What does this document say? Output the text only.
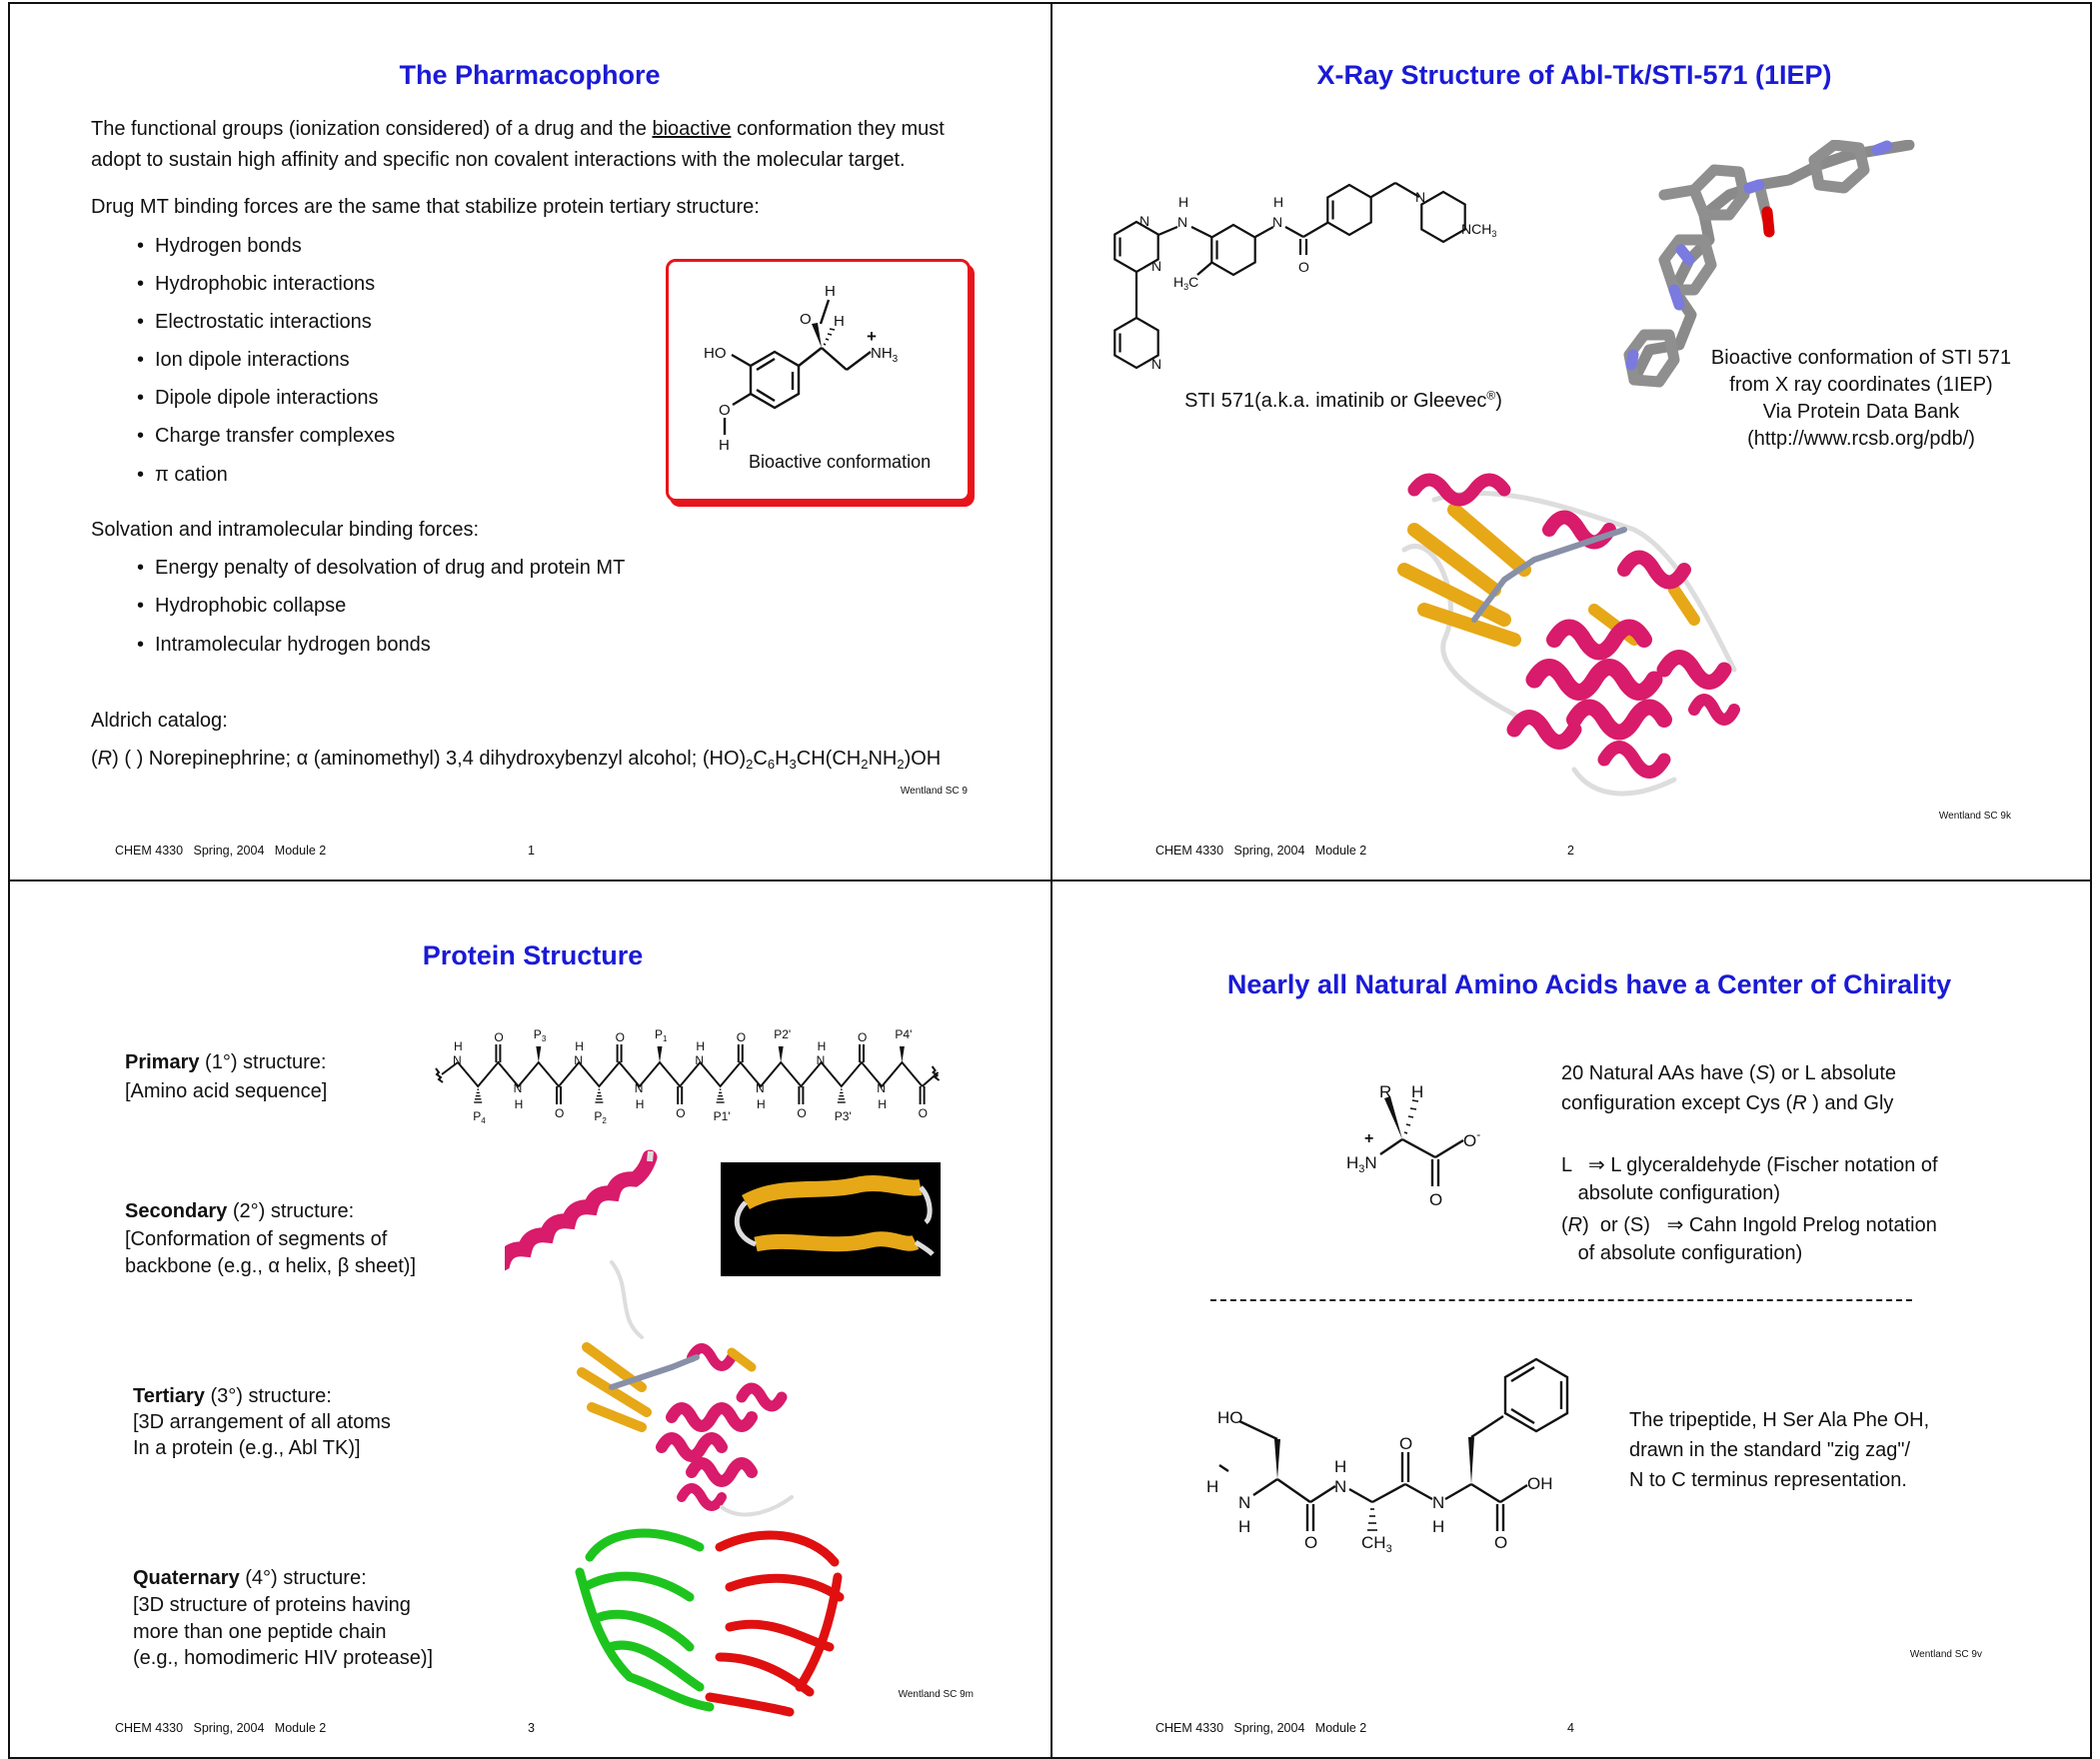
The Pharmacophore
The functional groups (ionization considered) of a drug and the bioactive conformation they must
adopt to sustain high affinity and specific non covalent interactions with the molecular target.
Drug MT binding forces are the same that stabilize protein tertiary structure:
• Hydrogen bonds
• Hydrophobic interactions
• Electrostatic interactions
• Ion dipole interactions
• Dipole dipole interactions
• Charge transfer complexes
• π cation
HO
O
H
O
H
H
+
$NH_3$
Bioactive conformation
Solvation and intramolecular binding forces:
• Energy penalty of desolvation of drug and protein MT
• Hydrophobic collapse
• Intramolecular hydrogen bonds
Aldrich catalog:
(R) ( ) Norepinephrine; α (aminomethyl) 3,4 dihydroxybenzyl alcohol; $(HO)_2C_6H_3CH(CH_2NH_2)OH$
Wentland SC 9
CHEM 4330   Spring, 2004   Module 2	1
X-Ray Structure of Abl-Tk/STI-571 (1IEP)
N
H
N
H
O
$H_3C$
N
N
N
N
$NCH_3$
STI 571(a.k.a. imatinib or Gleevec®)
Bioactive conformation of STI 571
from X ray coordinates (1IEP)
Via Protein Data Bank
(http://www.rcsb.org/pdb/)
Wentland SC 9k
CHEM 4330   Spring, 2004   Module 2	2
Protein Structure
Primary (1°) structure:
[Amino acid sequence]
N
H
$P_4$
O
N
H
$P_3$
O
N
H
$P_2$
O
N
H
$P_1$
O
N
H
P1'
O
N
H
P2'
O
N
H
P3'
O
N
H
P4'
O
Secondary (2°) structure:
[Conformation of segments of
backbone (e.g., α helix, β sheet)]
Tertiary (3°) structure:
[3D arrangement of all atoms
In a protein (e.g., Abl TK)]
Quaternary (4°) structure:
[3D structure of proteins having
more than one peptide chain
(e.g., homodimeric HIV protease)]
Wentland SC 9m
CHEM 4330   Spring, 2004   Module 2	3
Nearly all Natural Amino Acids have a Center of Chirality
R H
+
$H_3N$
O-
O
20 Natural AAs have (S) or L absolute
configuration except Cys (R ) and Gly
L   ⇒ L glyceraldehyde (Fischer notation of
absolute configuration)
(R)  or (S)   ⇒ Cahn Ingold Prelog notation
of absolute configuration)
HO
H
N
H
O
N
H
$CH_3$
O
N
H
O
OH
The tripeptide, H Ser Ala Phe OH,
drawn in the standard "zig zag"/
N to C terminus representation.
Wentland SC 9v
CHEM 4330   Spring, 2004   Module 2	4
